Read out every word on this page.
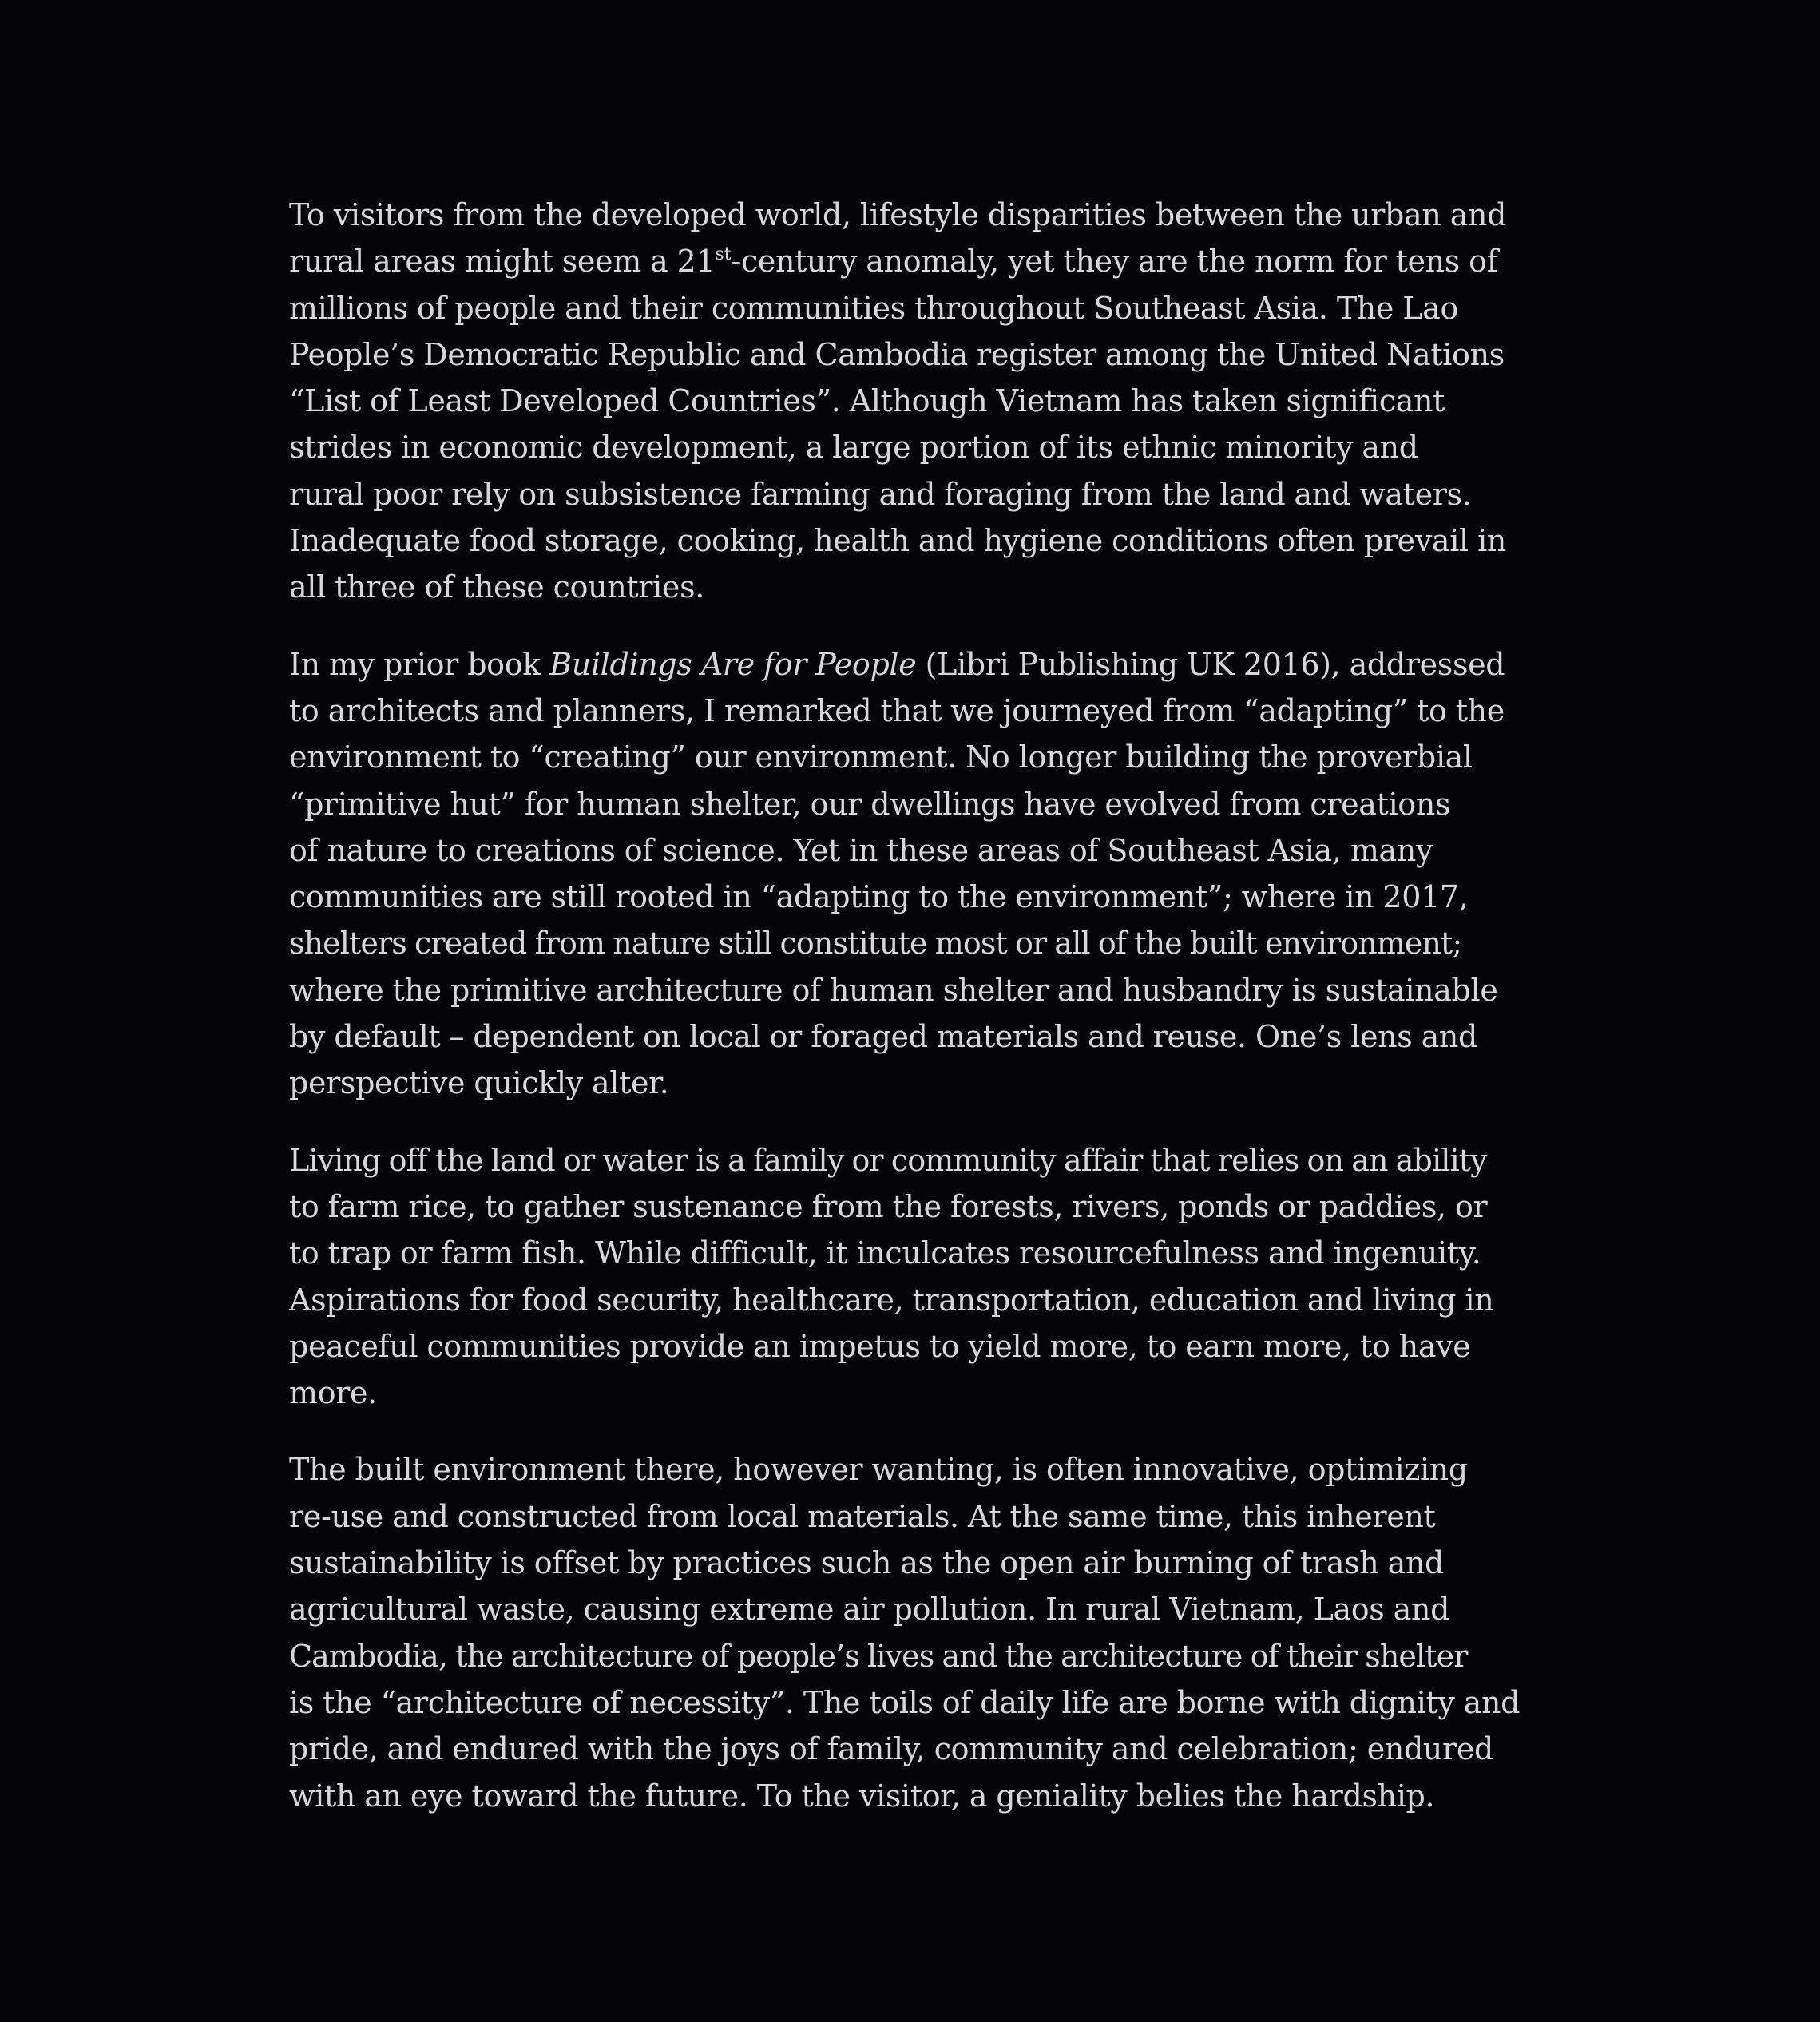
To visitors from the developed world, lifestyle disparities between the urban and
rural areas might seem a 21st-century anomaly, yet they are the norm for tens of
millions of people and their communities throughout Southeast Asia. The Lao
People’s Democratic Republic and Cambodia register among the United Nations
“List of Least Developed Countries”. Although Vietnam has taken significant
strides in economic development, a large portion of its ethnic minority and
rural poor rely on subsistence farming and foraging from the land and waters.
Inadequate food storage, cooking, health and hygiene conditions often prevail in
all three of these countries.

In my prior book Buildings Are for People (Libri Publishing UK 2016), addressed
to architects and planners, I remarked that we journeyed from “adapting” to the
environment to “creating” our environment. No longer building the proverbial
“primitive hut” for human shelter, our dwellings have evolved from creations
of nature to creations of science. Yet in these areas of Southeast Asia, many
communities are still rooted in “adapting to the environment”; where in 2017,
shelters created from nature still constitute most or all of the built environment;
where the primitive architecture of human shelter and husbandry is sustainable
by default – dependent on local or foraged materials and reuse. One’s lens and
perspective quickly alter.

Living off the land or water is a family or community affair that relies on an ability
to farm rice, to gather sustenance from the forests, rivers, ponds or paddies, or
to trap or farm fish. While difficult, it inculcates resourcefulness and ingenuity.
Aspirations for food security, healthcare, transportation, education and living in
peaceful communities provide an impetus to yield more, to earn more, to have
more.

The built environment there, however wanting, is often innovative, optimizing
re-use and constructed from local materials. At the same time, this inherent
sustainability is offset by practices such as the open air burning of trash and
agricultural waste, causing extreme air pollution. In rural Vietnam, Laos and
Cambodia, the architecture of people’s lives and the architecture of their shelter
is the “architecture of necessity”. The toils of daily life are borne with dignity and
pride, and endured with the joys of family, community and celebration; endured
with an eye toward the future. To the visitor, a geniality belies the hardship.
